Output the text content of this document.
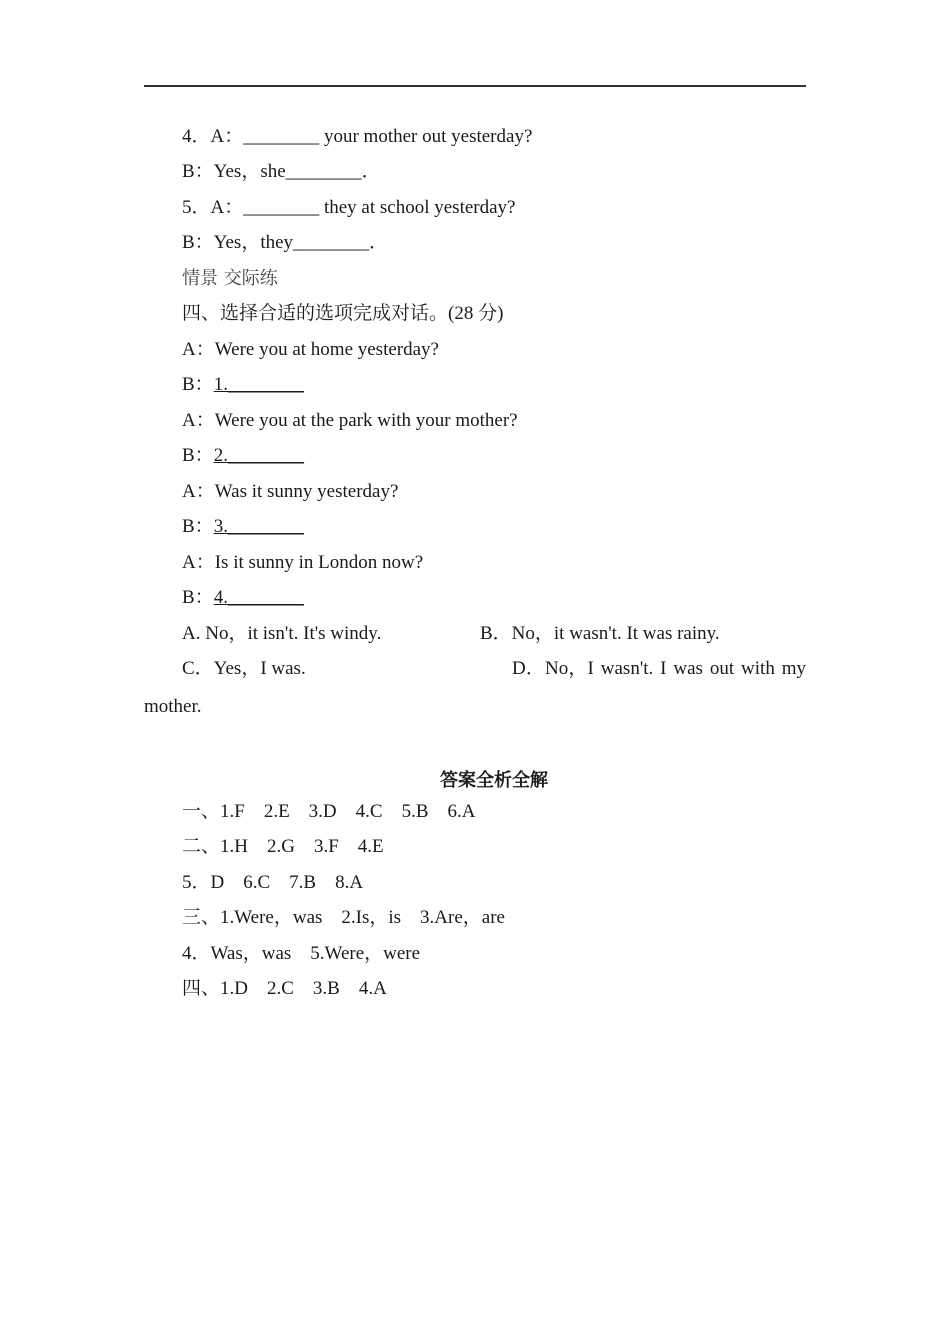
4．A：________ your mother out yesterday?
B：Yes，she________．
5．A：________ they at school yesterday?
B：Yes，they________．
情景 交际练
四、选择合适的选项完成对话。(28 分)
A：Were you at home yesterday?
B：1.________
A：Were you at the park with your mother?
B：2.________
A：Was it sunny yesterday?
B：3.________
A：Is it sunny in London now?
B：4.________
A. No，it isn't. It's windy.	B．No，it wasn't. It was rainy.
C．Yes，I was.	D．No，I wasn't. I was out with my
mother.
答案全析全解
一、1.F　2.E　3.D　4.C　5.B　6.A
二、1.H　2.G　3.F　4.E
5．D　6.C　7.B　8.A
三、1.Were，was　2.Is，is　3.Are，are
4．Was，was　5.Were，were
四、1.D　2.C　3.B　4.A
